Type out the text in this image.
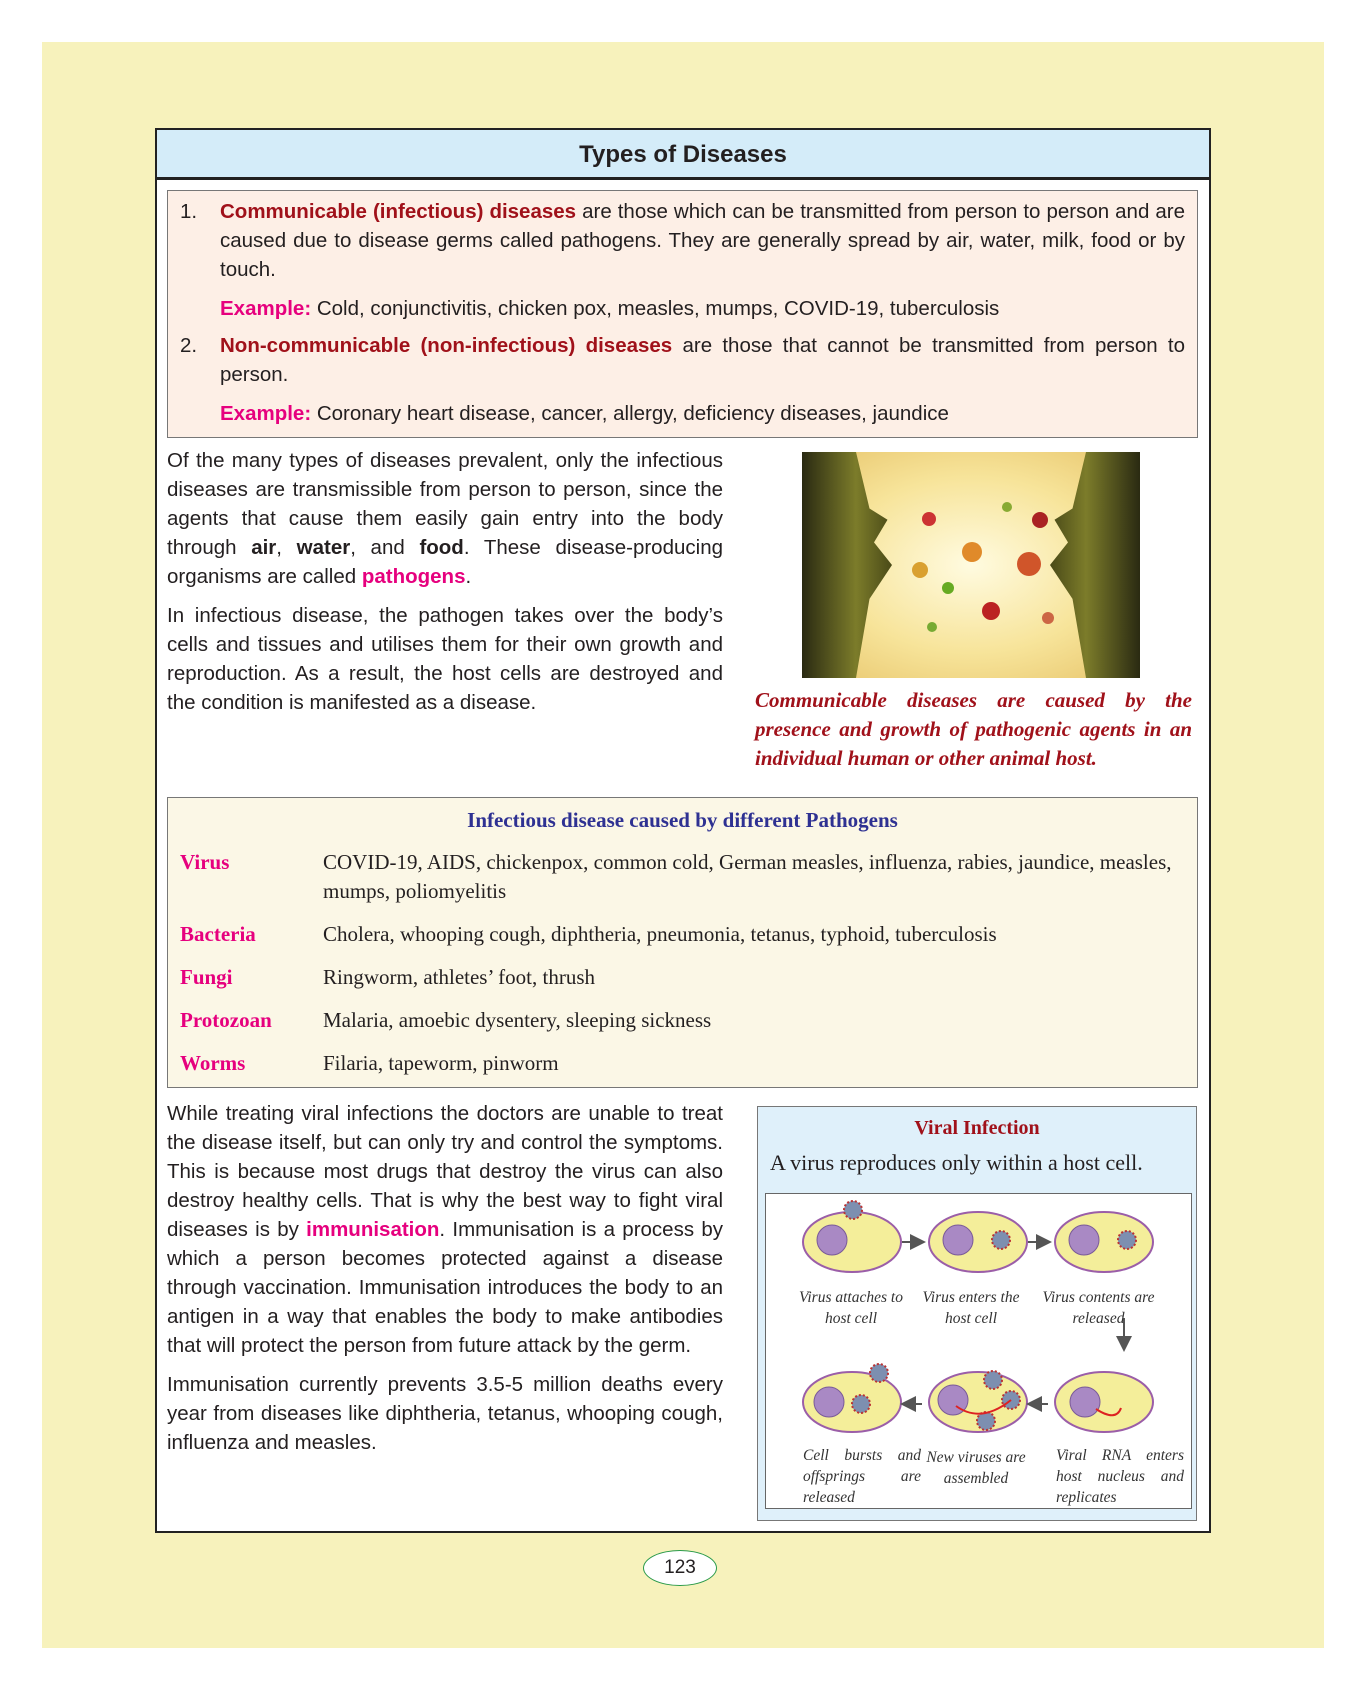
Types of Diseases
1.	Communicable (infectious) diseases are those which can be transmitted from person to person and are caused due to disease germs called pathogens. They are generally spread by air, water, milk, food or by touch.
Example: Cold, conjunctivitis, chicken pox, measles, mumps, COVID-19, tuberculosis
2.	Non-communicable (non-infectious) diseases are those that cannot be transmitted from person to person.
Example: Coronary heart disease, cancer, allergy, deficiency diseases, jaundice

Of the many types of diseases prevalent, only the infectious diseases are transmissible from person to person, since the agents that cause them easily gain entry into the body through air, water, and food. These disease-producing organisms are called pathogens.

In infectious disease, the pathogen takes over the body’s cells and tissues and utilises them for their own growth and reproduction. As a result, the host cells are destroyed and the condition is manifested as a disease.	Communicable diseases are caused by the presence and growth of pathogenic agents in an individual human or other animal host.
Infectious disease caused by different Pathogens
Virus	COVID-19, AIDS, chickenpox, common cold, German measles, influenza, rabies, jaundice, measles, mumps, poliomyelitis
Bacteria	Cholera, whooping cough, diphtheria, pneumonia, tetanus, typhoid, tuberculosis
Fungi	Ringworm, athletes’ foot, thrush
Protozoan	Malaria, amoebic dysentery, sleeping sickness
Worms	Filaria, tapeworm, pinworm

While treating viral infections the doctors are unable to treat the disease itself, but can only try and control the symptoms. This is because most drugs that destroy the virus can also destroy healthy cells. That is why the best way to fight viral diseases is by immunisation. Immunisation is a process by which a person becomes protected against a disease through vaccination. Immunisation introduces the body to an antigen in a way that enables the body to make antibodies that will protect the person from future attack by the germ.

Immunisation currently prevents 3.5-5 million deaths every year from diseases like diphtheria, tetanus, whooping cough, influenza and measles.

Viral Infection
A virus reproduces only within a host cell.
Virus attaches to host cell
Virus enters the host cell
Virus contents are released
Viral RNA enters host nucleus and replicates
New viruses are assembled
Cell bursts and offsprings are released
123
